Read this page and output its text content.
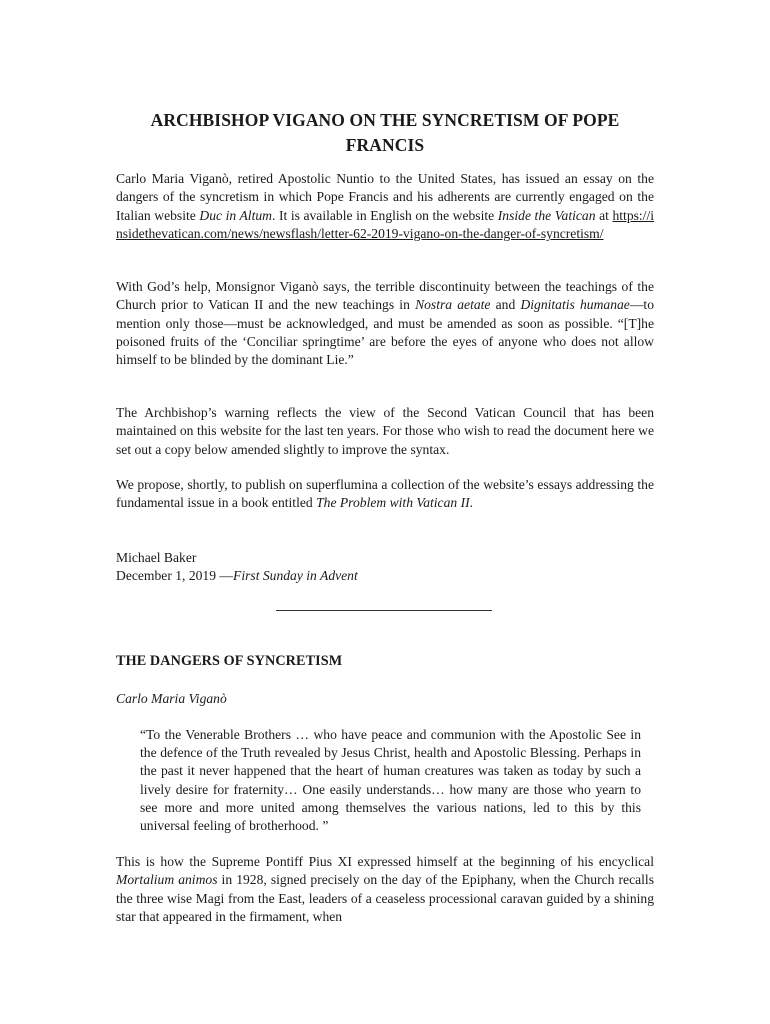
ARCHBISHOP VIGANO ON THE SYNCRETISM OF POPE FRANCIS

Carlo Maria Viganò, retired Apostolic Nuntio to the United States, has issued an essay on the dangers of the syncretism in which Pope Francis and his adherents are currently engaged on the Italian website Duc in Altum. It is available in English on the website Inside the Vatican at https://insidethevatican.com/news/newsflash/letter-62-2019-vigano-on-the-danger-of-syncretism/

With God’s help, Monsignor Viganò says, the terrible discontinuity between the teachings of the Church prior to Vatican II and the new teachings in Nostra aetate and Dignitatis humanae—to mention only those—must be acknowledged, and must be amended as soon as possible. “[T]he poisoned fruits of the ‘Conciliar springtime’ are before the eyes of anyone who does not allow himself to be blinded by the dominant Lie.”

The Archbishop’s warning reflects the view of the Second Vatican Council that has been maintained on this website for the last ten years. For those who wish to read the document here we set out a copy below amended slightly to improve the syntax.

We propose, shortly, to publish on superflumina a collection of the website’s essays addressing the fundamental issue in a book entitled The Problem with Vatican II.

Michael Baker
December 1, 2019 —First Sunday in Advent
THE DANGERS OF SYNCRETISM
Carlo Maria Viganò

“To the Venerable Brothers … who have peace and communion with the Apostolic See in the defence of the Truth revealed by Jesus Christ, health and Apostolic Blessing. Perhaps in the past it never happened that the heart of human creatures was taken as today by such a lively desire for fraternity… One easily understands… how many are those who yearn to see more and more united among themselves the various nations, led to this by this universal feeling of brotherhood. ”

This is how the Supreme Pontiff Pius XI expressed himself at the beginning of his encyclical Mortalium animos in 1928, signed precisely on the day of the Epiphany, when the Church recalls the three wise Magi from the East, leaders of a ceaseless processional caravan guided by a shining star that appeared in the firmament, when
